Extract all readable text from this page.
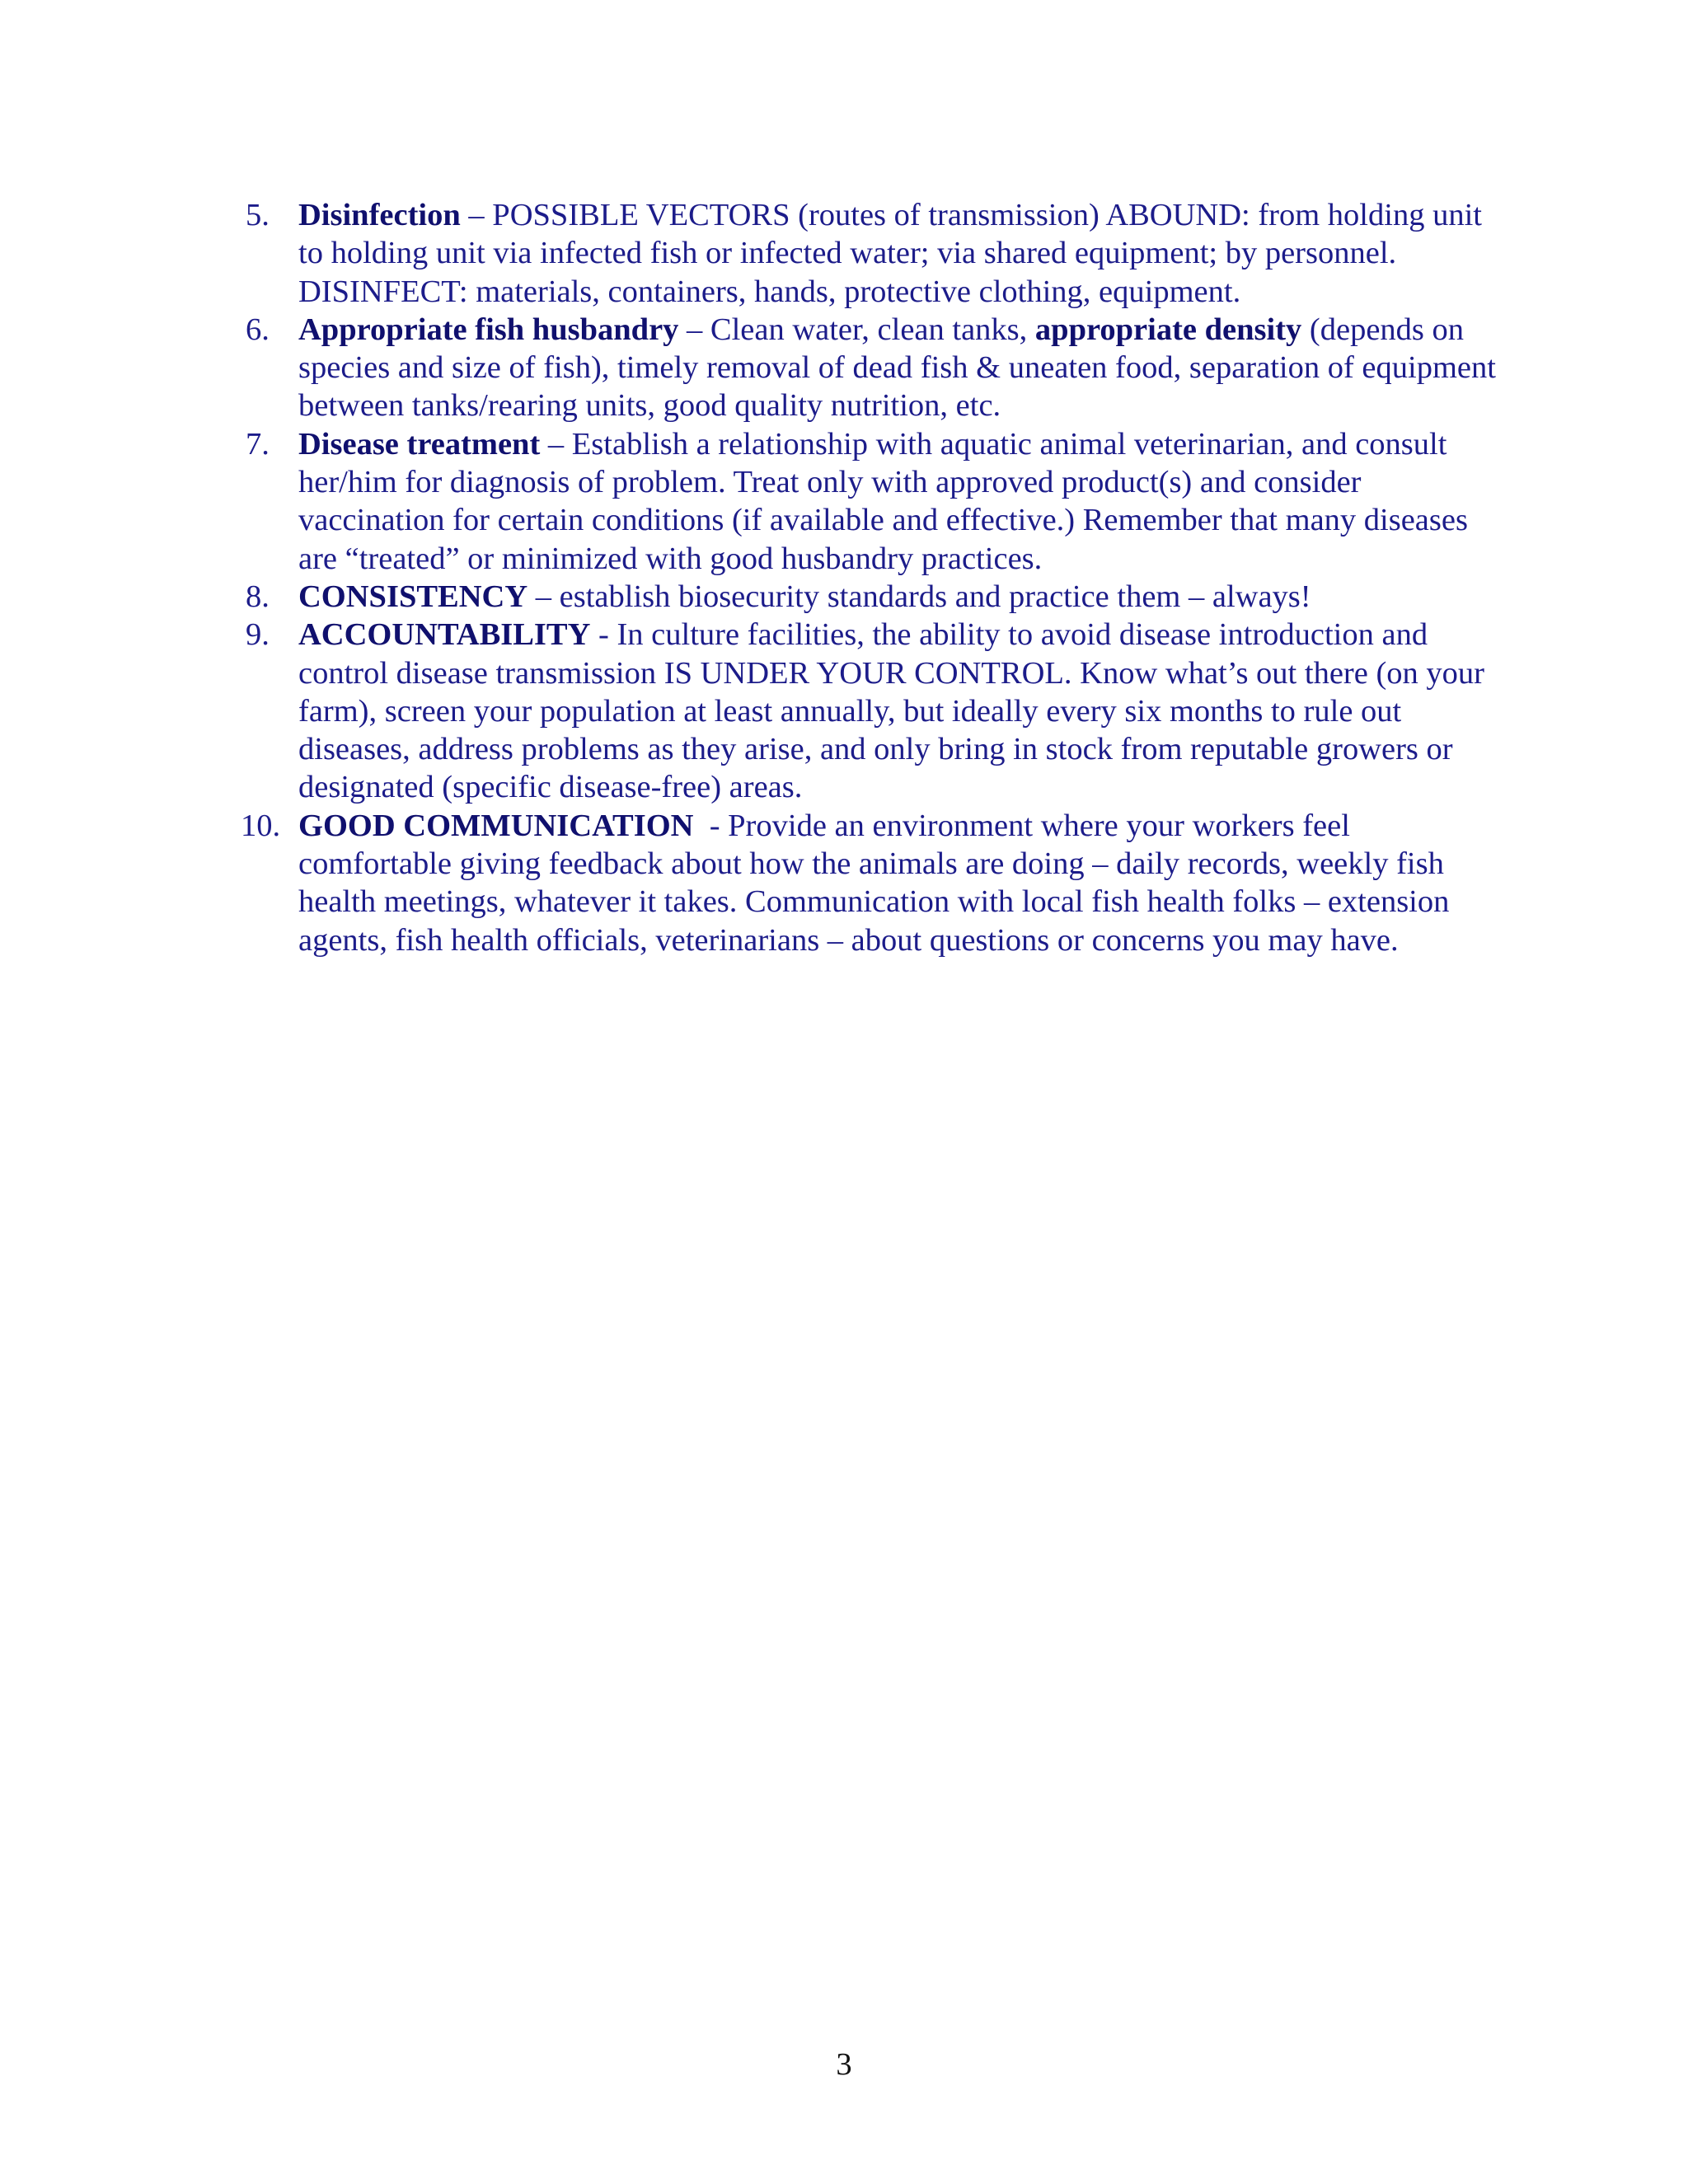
5. Disinfection – POSSIBLE VECTORS (routes of transmission) ABOUND: from holding unit to holding unit via infected fish or infected water; via shared equipment; by personnel. DISINFECT: materials, containers, hands, protective clothing, equipment.
6. Appropriate fish husbandry – Clean water, clean tanks, appropriate density (depends on species and size of fish), timely removal of dead fish & uneaten food, separation of equipment between tanks/rearing units, good quality nutrition, etc.
7. Disease treatment – Establish a relationship with aquatic animal veterinarian, and consult her/him for diagnosis of problem. Treat only with approved product(s) and consider vaccination for certain conditions (if available and effective.) Remember that many diseases are “treated” or minimized with good husbandry practices.
8. CONSISTENCY – establish biosecurity standards and practice them – always!
9. ACCOUNTABILITY - In culture facilities, the ability to avoid disease introduction and control disease transmission IS UNDER YOUR CONTROL. Know what’s out there (on your farm), screen your population at least annually, but ideally every six months to rule out diseases, address problems as they arise, and only bring in stock from reputable growers or designated (specific disease-free) areas.
10. GOOD COMMUNICATION  - Provide an environment where your workers feel comfortable giving feedback about how the animals are doing – daily records, weekly fish health meetings, whatever it takes. Communication with local fish health folks – extension agents, fish health officials, veterinarians – about questions or concerns you may have.
3
